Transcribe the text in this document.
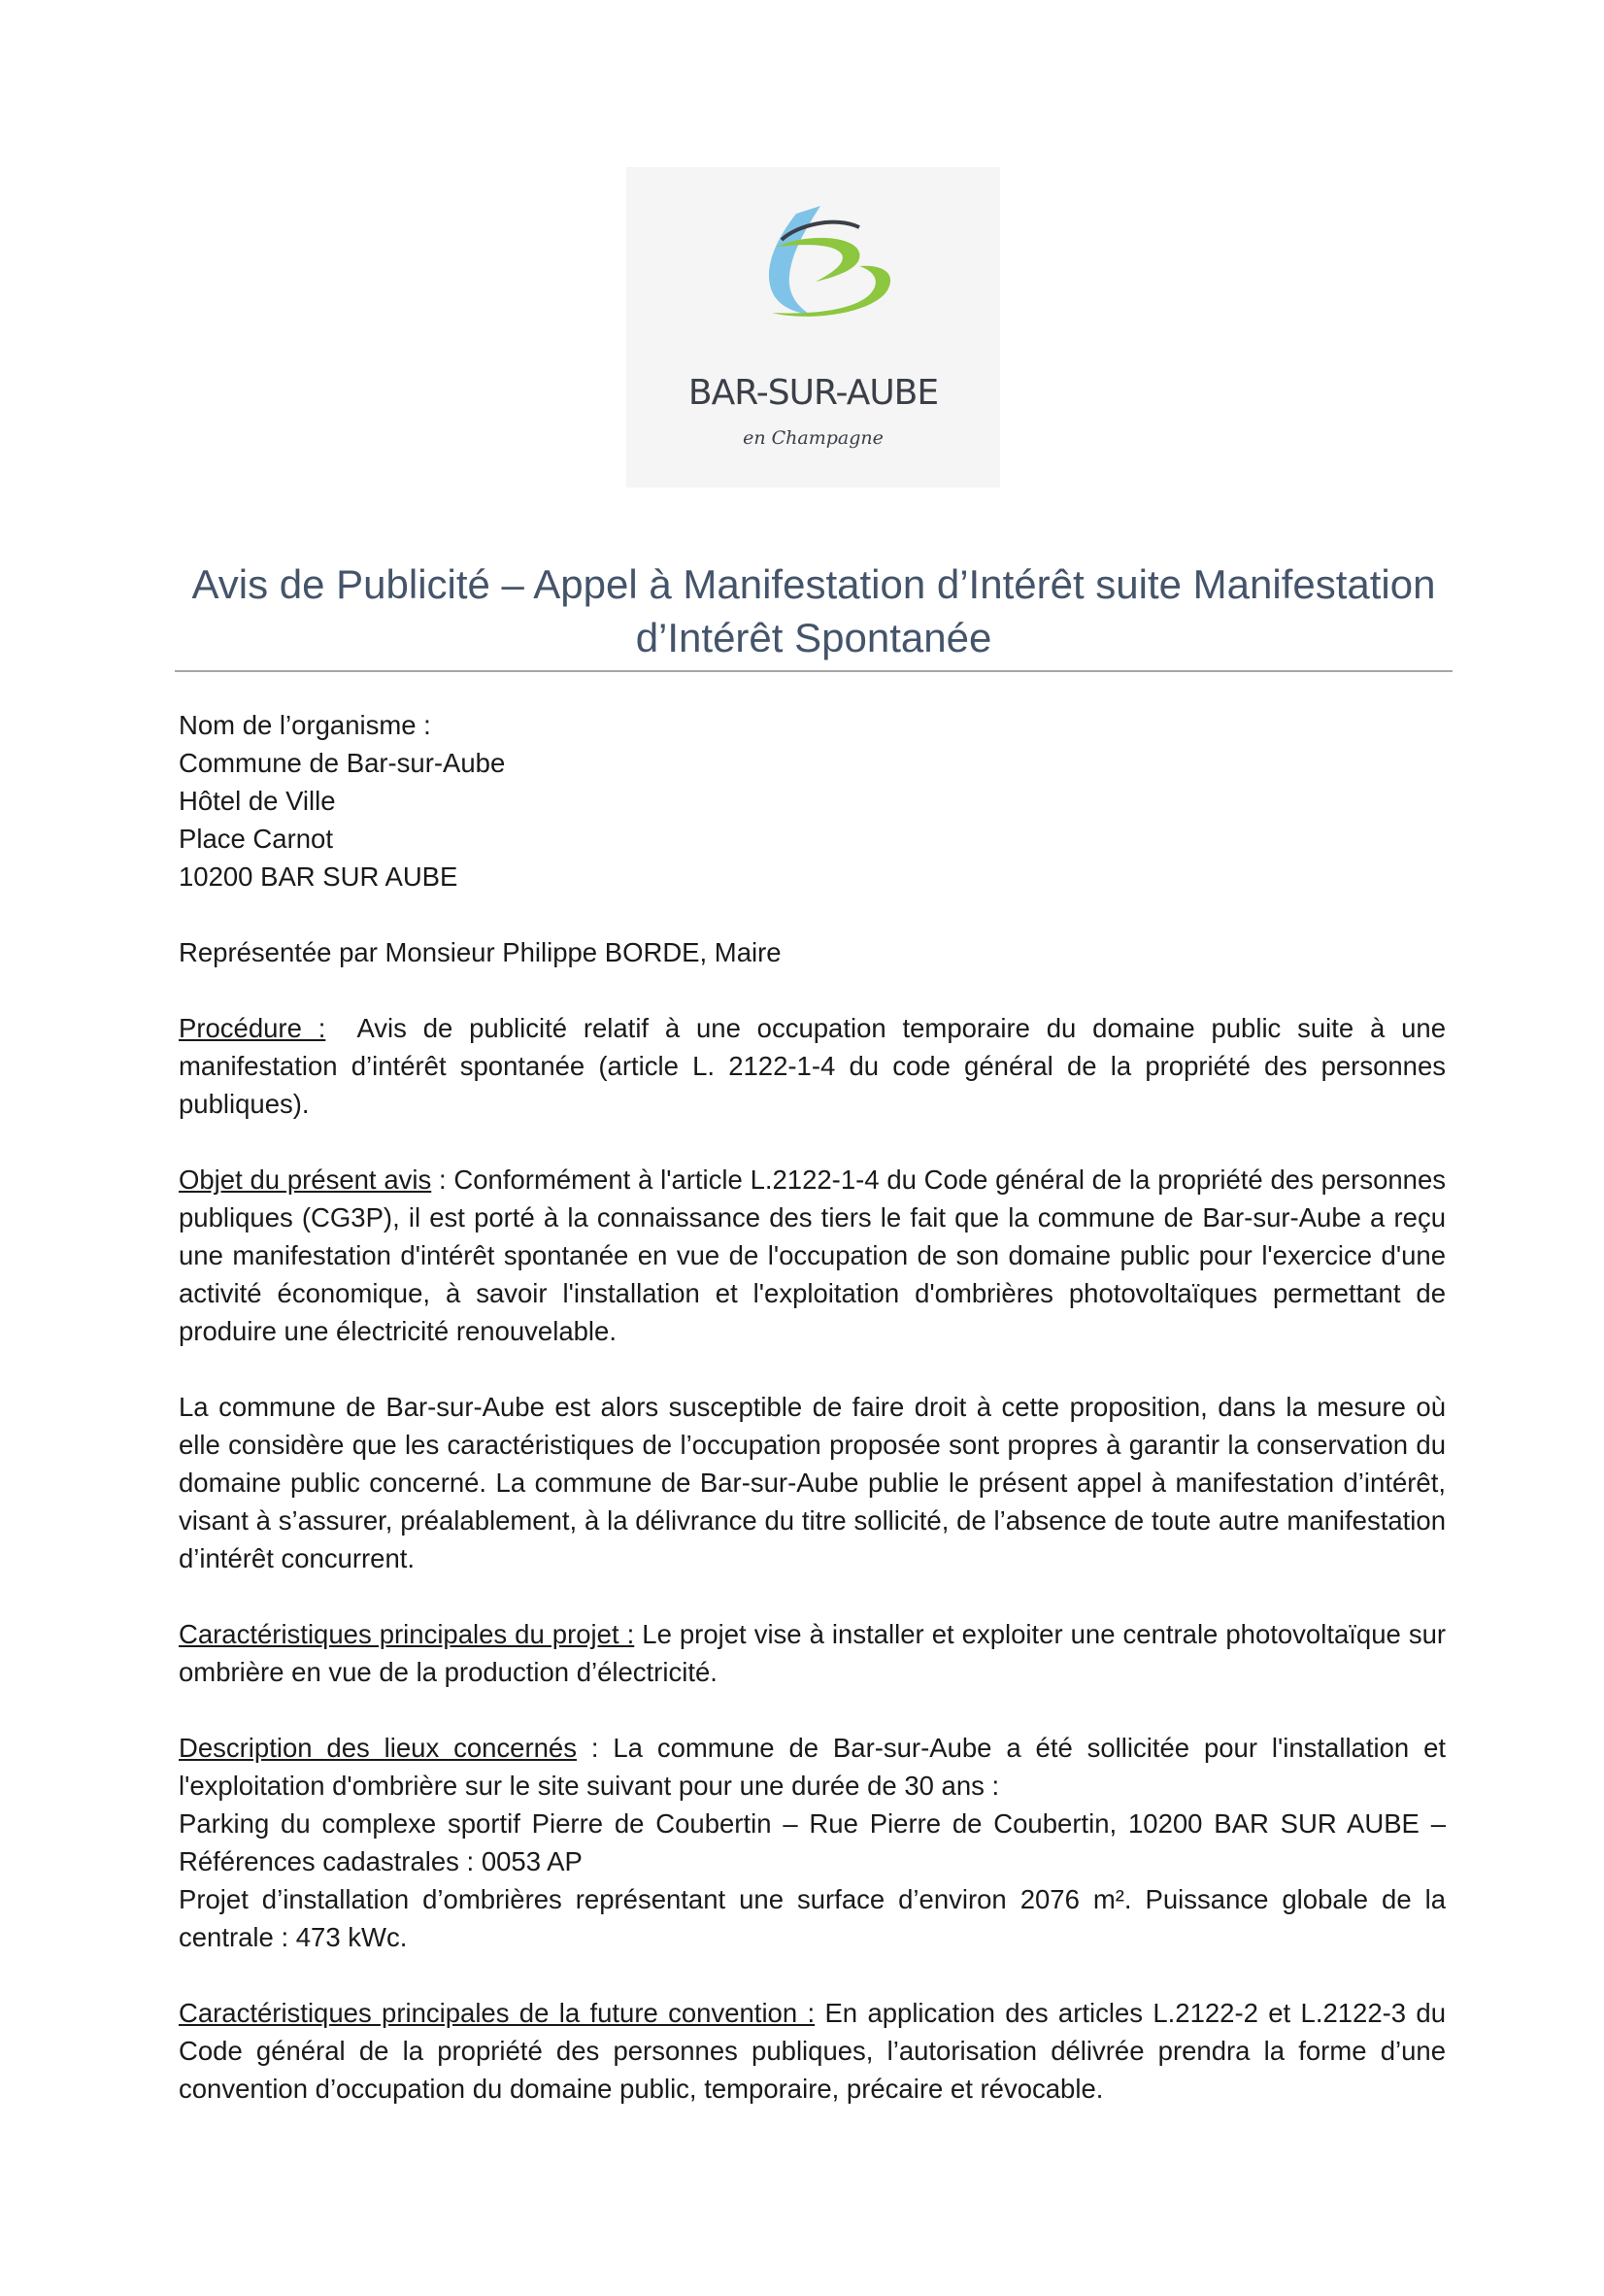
BAR-SUR-AUBE
en Champagne
Avis de Publicité – Appel à Manifestation d’Intérêt suite Manifestation
d’Intérêt Spontanée
Nom de l’organisme :
Commune de Bar-sur-Aube
Hôtel de Ville
Place Carnot
10200 BAR SUR AUBE

Représentée par Monsieur Philippe BORDE, Maire

Procédure : Avis de publicité relatif à une occupation temporaire du domaine public suite à une manifestation d’intérêt spontanée (article L. 2122-1-4 du code général de la propriété des personnes publiques).

Objet du présent avis : Conformément à l'article L.2122-1-4 du Code général de la propriété des personnes publiques (CG3P), il est porté à la connaissance des tiers le fait que la commune de Bar-sur-Aube a reçu une manifestation d'intérêt spontanée en vue de l'occupation de son domaine public pour l'exercice d'une activité économique, à savoir l'installation et l'exploitation d'ombrières photovoltaïques permettant de produire une électricité renouvelable.

La commune de Bar-sur-Aube est alors susceptible de faire droit à cette proposition, dans la mesure où elle considère que les caractéristiques de l’occupation proposée sont propres à garantir la conservation du domaine public concerné. La commune de Bar-sur-Aube publie le présent appel à manifestation d’intérêt, visant à s’assurer, préalablement, à la délivrance du titre sollicité, de l’absence de toute autre manifestation d’intérêt concurrent.

Caractéristiques principales du projet : Le projet vise à installer et exploiter une centrale photovoltaïque sur ombrière en vue de la production d’électricité.

Description des lieux concernés : La commune de Bar-sur-Aube a été sollicitée pour l'installation et l'exploitation d'ombrière sur le site suivant pour une durée de 30 ans :

Parking du complexe sportif Pierre de Coubertin – Rue Pierre de Coubertin, 10200 BAR SUR AUBE – Références cadastrales : 0053 AP

Projet d’installation d’ombrières représentant une surface d’environ 2076 m². Puissance globale de la centrale : 473 kWc.

Caractéristiques principales de la future convention : En application des articles L.2122-2 et L.2122-3 du Code général de la propriété des personnes publiques, l’autorisation délivrée prendra la forme d’une convention d’occupation du domaine public, temporaire, précaire et révocable.
